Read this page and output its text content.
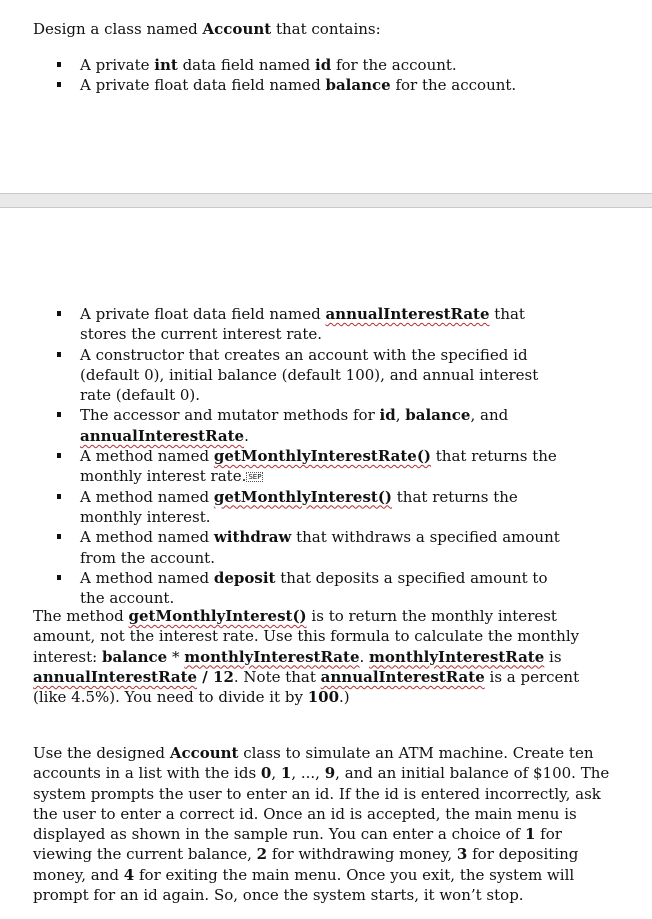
Design a class named Account that contains:

A private int data field named id for the account.
A private float data field named balance for the account.
A private float data field named annualInterestRate that stores the current interest rate.
A constructor that creates an account with the specified id (default 0), initial balance (default 100), and annual interest rate (default 0).
The accessor and mutator methods for id, balance, and annualInterestRate.
A method named getMonthlyInterestRate() that returns the monthly interest rate. SEP
A method named getMonthlyInterest() that returns the monthly interest.
A method named withdraw that withdraws a specified amount from the account.
A method named deposit that deposits a specified amount to the account.

The method getMonthlyInterest() is to return the monthly interest amount, not the interest rate. Use this formula to calculate the monthly interest: balance * monthlyInterestRate. monthlyInterestRate is annualInterestRate / 12. Note that annualInterestRate is a percent (like 4.5%). You need to divide it by 100.)

Use the designed Account class to simulate an ATM machine. Create ten accounts in a list with the ids 0, 1, ..., 9, and an initial balance of $100. The system prompts the user to enter an id. If the id is entered incorrectly, ask the user to enter a correct id. Once an id is accepted, the main menu is displayed as shown in the sample run. You can enter a choice of 1 for viewing the current balance, 2 for withdrawing money, 3 for depositing money, and 4 for exiting the main menu. Once you exit, the system will prompt for an id again. So, once the system starts, it won’t stop.
